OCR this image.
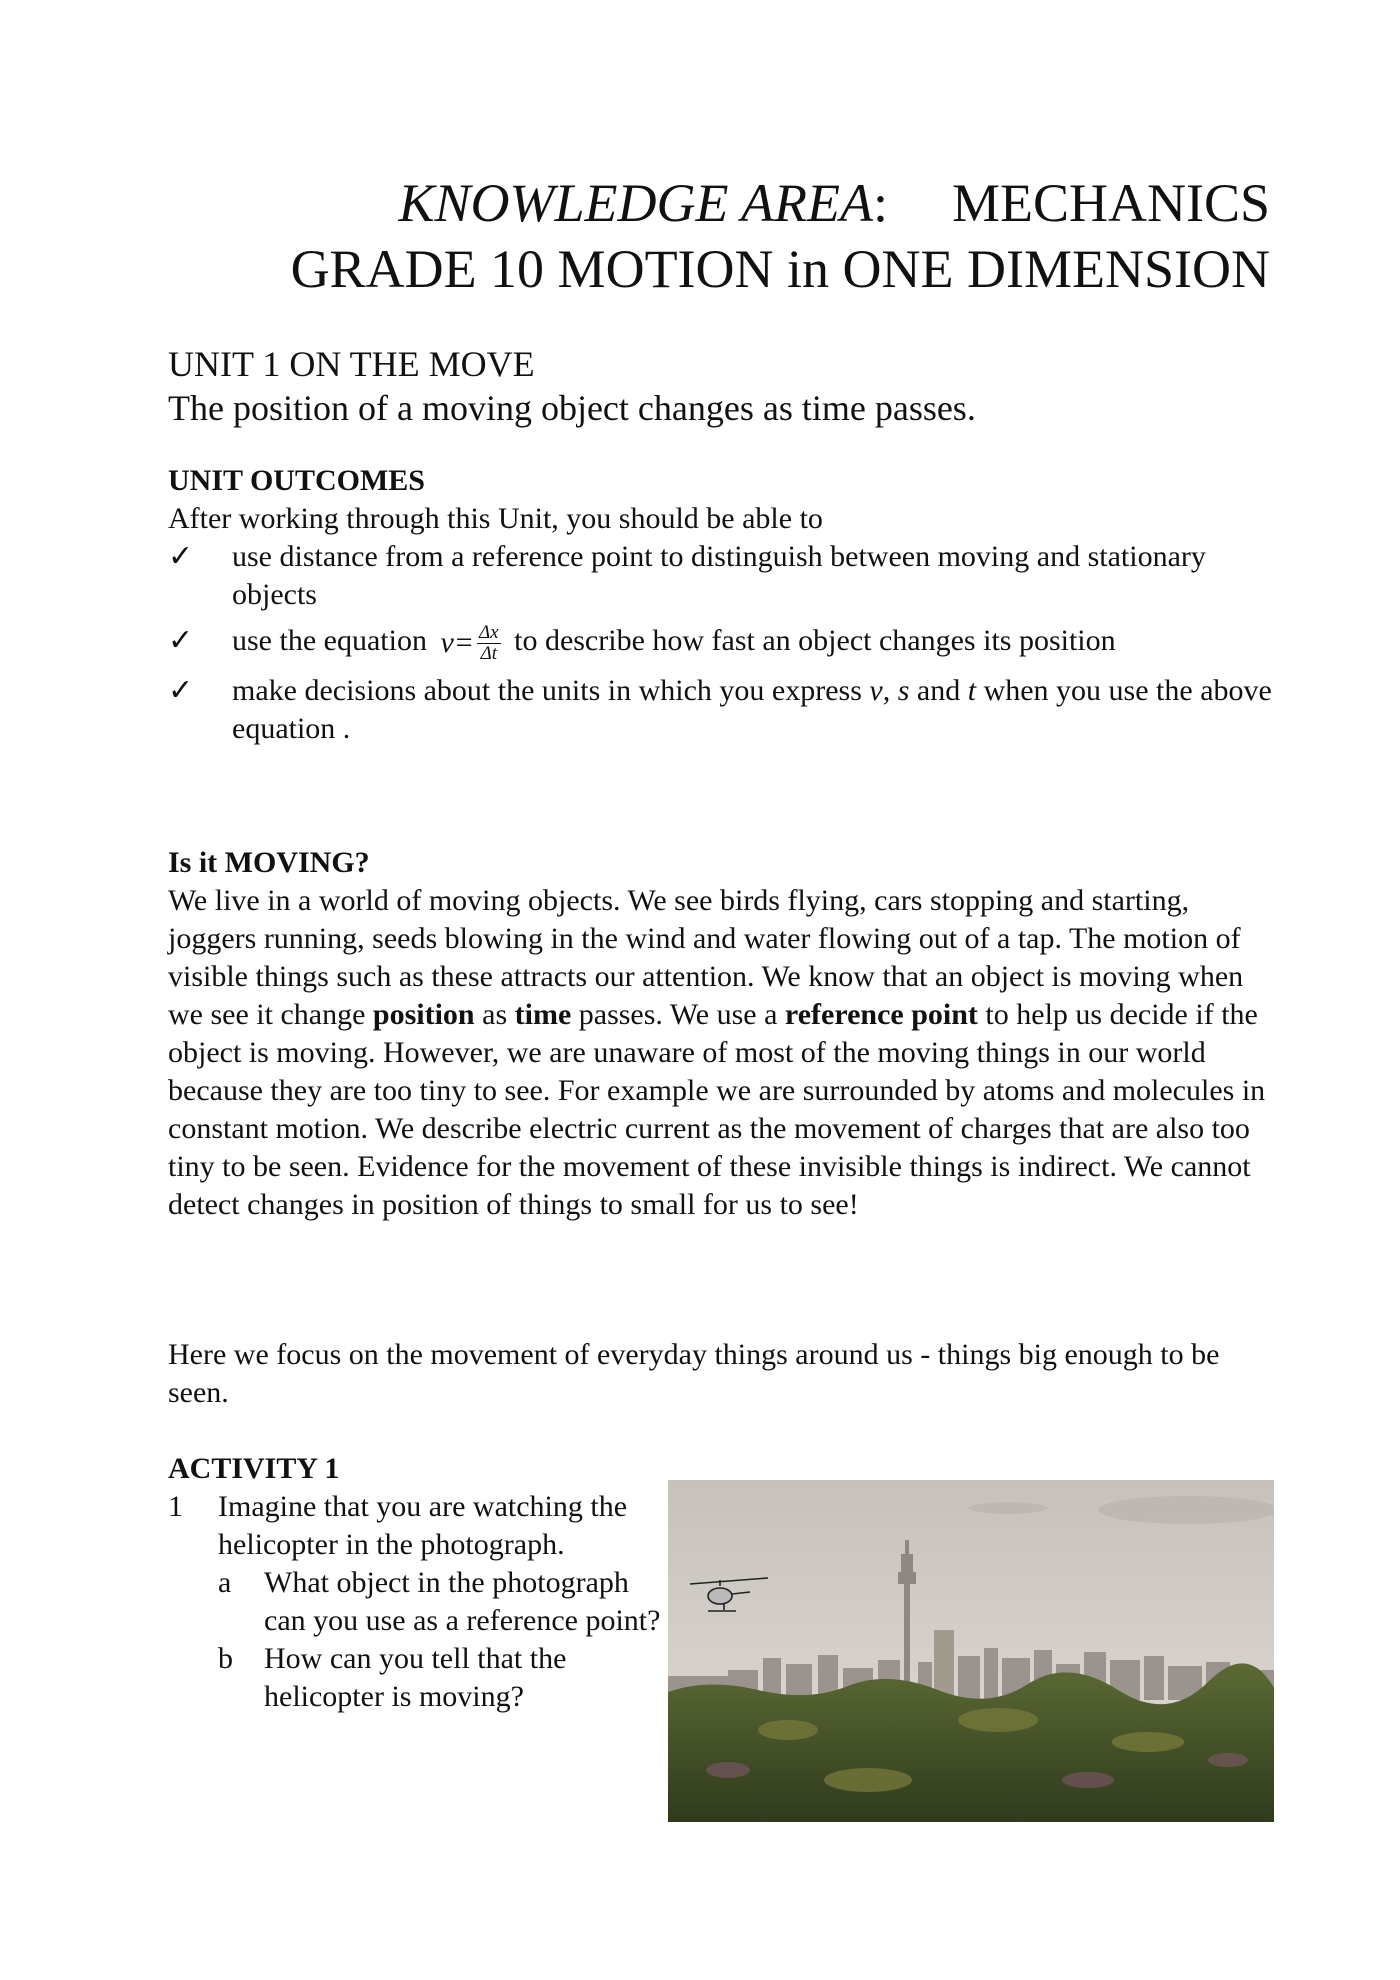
KNOWLEDGE AREA: MECHANICS
GRADE 10 MOTION in ONE DIMENSION
UNIT 1 ON THE MOVE
The position of a moving object changes as time passes.
UNIT OUTCOMES
After working through this Unit, you should be able to
✓ use distance from a reference point to distinguish between moving and stationary objects
✓ use the equation $v= \frac{\Delta x}{\Delta t}$ to describe how fast an object changes its position
✓ make decisions about the units in which you express v, s and t when you use the above equation .
Is it MOVING?
We live in a world of moving objects. We see birds flying, cars stopping and starting, joggers running, seeds blowing in the wind and water flowing out of a tap. The motion of visible things such as these attracts our attention. We know that an object is moving when we see it change position as time passes. We use a reference point to help us decide if the object is moving. However, we are unaware of most of the moving things in our world because they are too tiny to see. For example we are surrounded by atoms and molecules in constant motion. We describe electric current as the movement of charges that are also too tiny to be seen. Evidence for the movement of these invisible things is indirect. We cannot detect changes in position of things to small for us to see!
Here we focus on the movement of everyday things around us - things big enough to be seen.
ACTIVITY 1
1	Imagine that you are watching the helicopter in the photograph.
a What object in the photograph can you use as a reference point?
b How can you tell that the helicopter is moving?
